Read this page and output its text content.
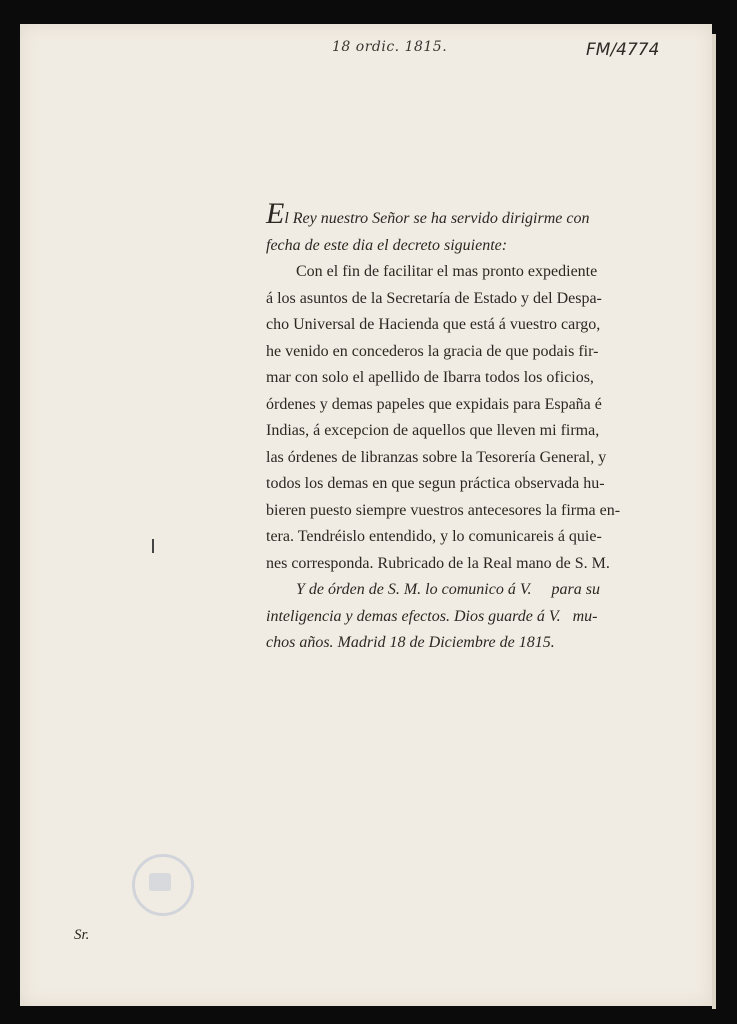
18 ordic. 1815.	FM/4774
El Rey nuestro Señor se ha servido dirigirme con
fecha de este dia el decreto siguiente:
Con el fin de facilitar el mas pronto expediente
á los asuntos de la Secretaría de Estado y del Despa-
cho Universal de Hacienda que está á vuestro cargo,
he venido en concederos la gracia de que podais fir-
mar con solo el apellido de Ibarra todos los oficios,
órdenes y demas papeles que expidais para España é
Indias, á excepcion de aquellos que lleven mi firma,
las órdenes de libranzas sobre la Tesorería General, y
todos los demas en que segun práctica observada hu-
bieren puesto siempre vuestros antecesores la firma en-
tera. Tendréislo entendido, y lo comunicareis á quie-
nes corresponda. Rubricado de la Real mano de S. M.
Y de órden de S. M. lo comunico á V.     para su
inteligencia y demas efectos. Dios guarde á V.   mu-
chos años. Madrid 18 de Diciembre de 1815.
Sr.
